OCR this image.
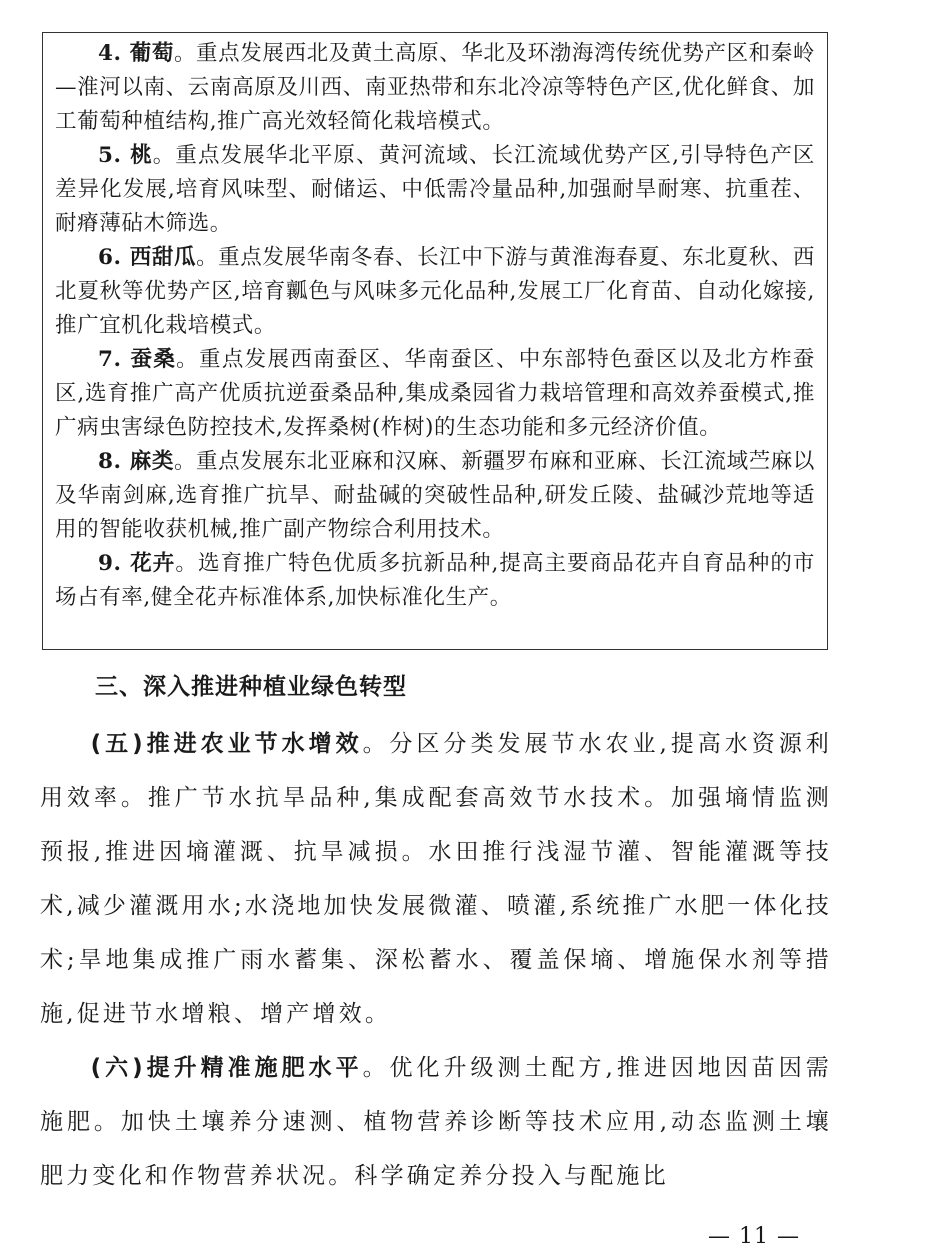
4. 葡萄。重点发展西北及黄土高原、华北及环渤海湾传统优势产区和秦岭—淮河以南、云南高原及川西、南亚热带和东北冷凉等特色产区,优化鲜食、加工葡萄种植结构,推广高光效轻简化栽培模式。

5. 桃。重点发展华北平原、黄河流域、长江流域优势产区,引导特色产区差异化发展,培育风味型、耐储运、中低需冷量品种,加强耐旱耐寒、抗重茬、耐瘠薄砧木筛选。

6. 西甜瓜。重点发展华南冬春、长江中下游与黄淮海春夏、东北夏秋、西北夏秋等优势产区,培育瓤色与风味多元化品种,发展工厂化育苗、自动化嫁接,推广宜机化栽培模式。

7. 蚕桑。重点发展西南蚕区、华南蚕区、中东部特色蚕区以及北方柞蚕区,选育推广高产优质抗逆蚕桑品种,集成桑园省力栽培管理和高效养蚕模式,推广病虫害绿色防控技术,发挥桑树(柞树)的生态功能和多元经济价值。

8. 麻类。重点发展东北亚麻和汉麻、新疆罗布麻和亚麻、长江流域苎麻以及华南剑麻,选育推广抗旱、耐盐碱的突破性品种,研发丘陵、盐碱沙荒地等适用的智能收获机械,推广副产物综合利用技术。

9. 花卉。选育推广特色优质多抗新品种,提高主要商品花卉自育品种的市场占有率,健全花卉标准体系,加快标准化生产。

三、深入推进种植业绿色转型

(五)推进农业节水增效。分区分类发展节水农业,提高水资源利用效率。推广节水抗旱品种,集成配套高效节水技术。加强墒情监测预报,推进因墒灌溉、抗旱减损。水田推行浅湿节灌、智能灌溉等技术,减少灌溉用水;水浇地加快发展微灌、喷灌,系统推广水肥一体化技术;旱地集成推广雨水蓄集、深松蓄水、覆盖保墒、增施保水剂等措施,促进节水增粮、增产增效。

(六)提升精准施肥水平。优化升级测土配方,推进因地因苗因需施肥。加快土壤养分速测、植物营养诊断等技术应用,动态监测土壤肥力变化和作物营养状况。科学确定养分投入与配施比

— 11 —
